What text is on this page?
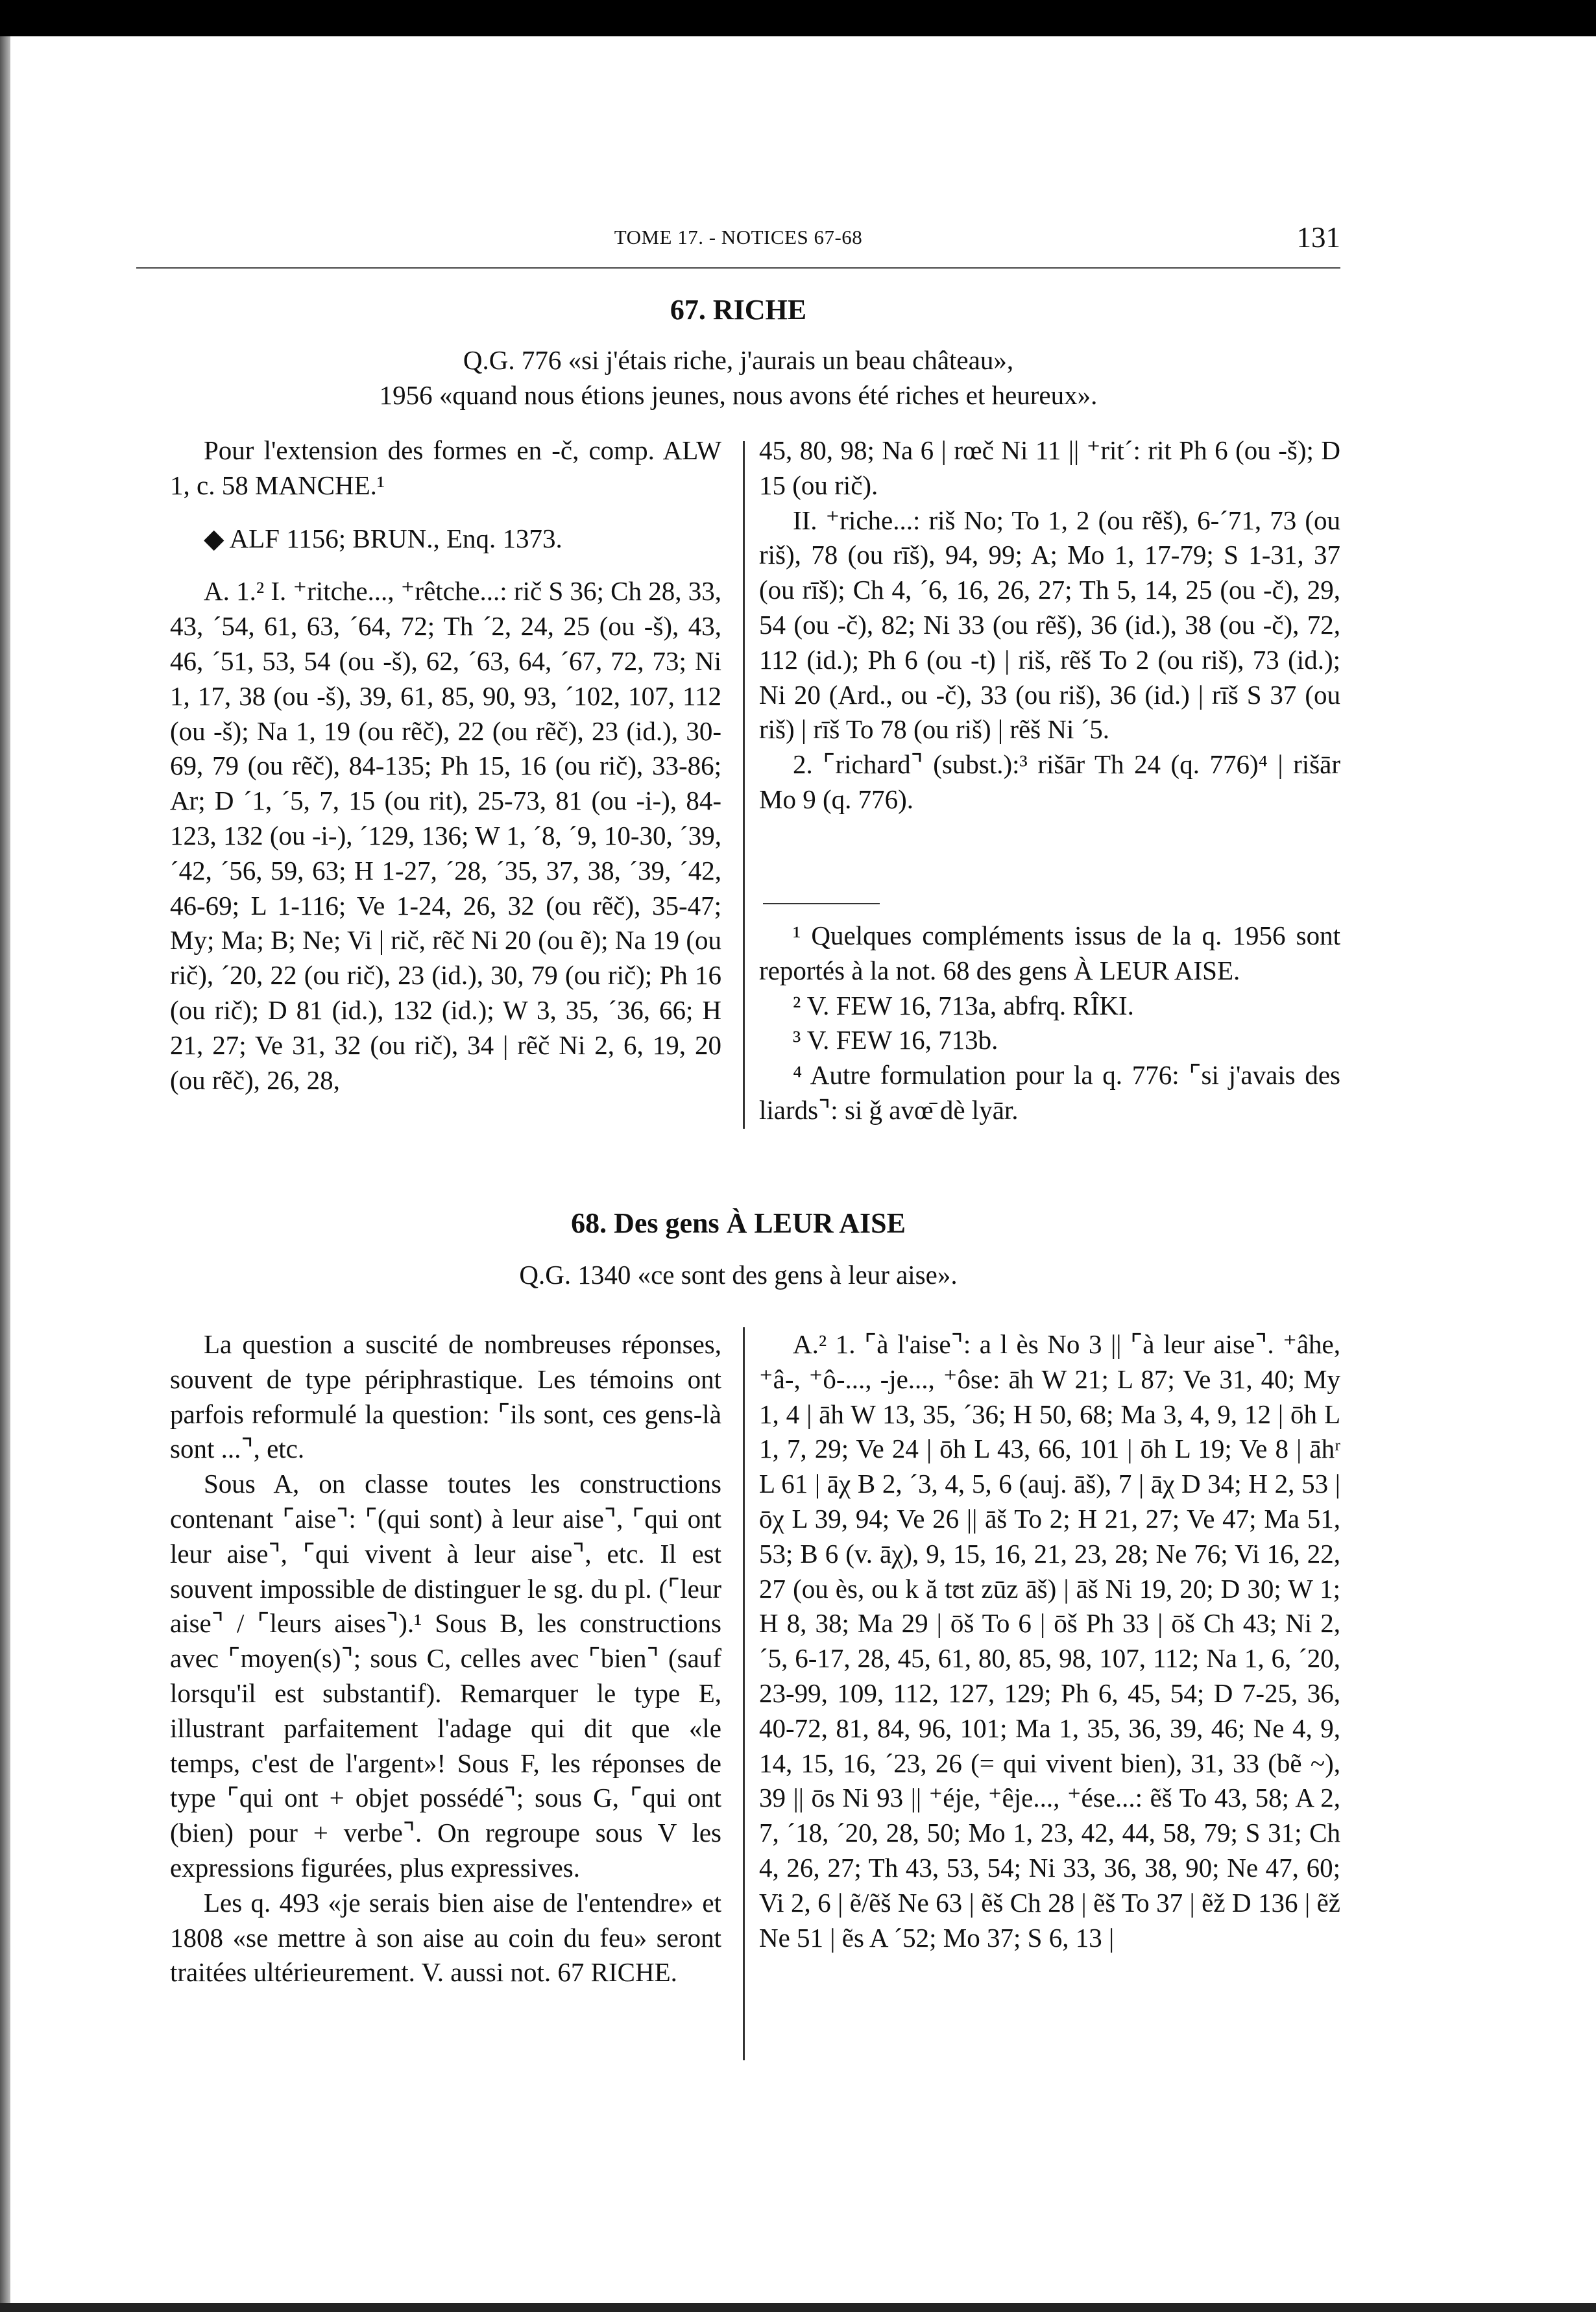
TOME 17. - NOTICES 67-68	131
67. RICHE
Q.G. 776 «si j'étais riche, j'aurais un beau château»,
1956 «quand nous étions jeunes, nous avons été riches et heureux».

Pour l'extension des formes en -č, comp. ALW 1, c. 58 MANCHE.¹

◆ ALF 1156; BRUN., Enq. 1373.

A. 1.² I. ⁺ritche..., ⁺rêtche...: rič S 36; Ch 28, 33, 43, ´54, 61, 63, ´64, 72; Th ´2, 24, 25 (ou -š), 43, 46, ´51, 53, 54 (ou -š), 62, ´63, 64, ´67, 72, 73; Ni 1, 17, 38 (ou -š), 39, 61, 85, 90, 93, ´102, 107, 112 (ou -š); Na 1, 19 (ou rẽč), 22 (ou rẽč), 23 (id.), 30-69, 79 (ou rẽč), 84-135; Ph 15, 16 (ou rič), 33-86; Ar; D ´1, ´5, 7, 15 (ou rit), 25-73, 81 (ou -i-), 84-123, 132 (ou -i-), ´129, 136; W 1, ´8, ´9, 10-30, ´39, ´42, ´56, 59, 63; H 1-27, ´28, ´35, 37, 38, ´39, ´42, 46-69; L 1-116; Ve 1-24, 26, 32 (ou rẽč), 35-47; My; Ma; B; Ne; Vi | rič, rẽč Ni 20 (ou ẽ); Na 19 (ou rič), ´20, 22 (ou rič), 23 (id.), 30, 79 (ou rič); Ph 16 (ou rič); D 81 (id.), 132 (id.); W 3, 35, ´36, 66; H 21, 27; Ve 31, 32 (ou rič), 34 | rẽč Ni 2, 6, 19, 20 (ou rẽč), 26, 28,

45, 80, 98; Na 6 | rœč Ni 11 || ⁺rit´: rit Ph 6 (ou -š); D 15 (ou rič).

II. ⁺riche...: riš No; To 1, 2 (ou rẽš), 6-´71, 73 (ou riš), 78 (ou rīš), 94, 99; A; Mo 1, 17-79; S 1-31, 37 (ou rīš); Ch 4, ´6, 16, 26, 27; Th 5, 14, 25 (ou -č), 29, 54 (ou -č), 82; Ni 33 (ou rẽš), 36 (id.), 38 (ou -č), 72, 112 (id.); Ph 6 (ou -t) | riš, rẽš To 2 (ou riš), 73 (id.); Ni 20 (Ard., ou -č), 33 (ou riš), 36 (id.) | rīš S 37 (ou riš) | rīš To 78 (ou riš) | rẽš Ni ´5.

2. ⌜richard⌝ (subst.):³ rišār Th 24 (q. 776)⁴ | rišār Mo 9 (q. 776).

¹ Quelques compléments issus de la q. 1956 sont reportés à la not. 68 des gens À LEUR AISE.

² V. FEW 16, 713a, abfrq. RÎKI.

³ V. FEW 16, 713b.

⁴ Autre formulation pour la q. 776: ⌜si j'avais des liards⌝: si ǧ avœ̄ dè lyār.

68. Des gens À LEUR AISE
Q.G. 1340 «ce sont des gens à leur aise».

La question a suscité de nombreuses réponses, souvent de type périphrastique. Les témoins ont parfois reformulé la question: ⌜ils sont, ces gens-là sont ...⌝, etc.

Sous A, on classe toutes les constructions contenant ⌜aise⌝: ⌜(qui sont) à leur aise⌝, ⌜qui ont leur aise⌝, ⌜qui vivent à leur aise⌝, etc. Il est souvent impossible de distinguer le sg. du pl. (⌜leur aise⌝ / ⌜leurs aises⌝).¹ Sous B, les constructions avec ⌜moyen(s)⌝; sous C, celles avec ⌜bien⌝ (sauf lorsqu'il est substantif). Remarquer le type E, illustrant parfaitement l'adage qui dit que «le temps, c'est de l'argent»! Sous F, les réponses de type ⌜qui ont + objet possédé⌝; sous G, ⌜qui ont (bien) pour + verbe⌝. On regroupe sous V les expressions figurées, plus expressives.

Les q. 493 «je serais bien aise de l'entendre» et 1808 «se mettre à son aise au coin du feu» seront traitées ultérieurement. V. aussi not. 67 RICHE.

A.² 1. ⌜à l'aise⌝: a l ès No 3 || ⌜à leur aise⌝. ⁺âhe, ⁺â-, ⁺ô-..., -je..., ⁺ôse: āh W 21; L 87; Ve 31, 40; My 1, 4 | āh W 13, 35, ´36; H 50, 68; Ma 3, 4, 9, 12 | ōh L 1, 7, 29; Ve 24 | ōh L 43, 66, 101 | ōh L 19; Ve 8 | āhʳ L 61 | āχ B 2, ´3, 4, 5, 6 (auj. āš), 7 | āχ D 34; H 2, 53 | ōχ L 39, 94; Ve 26 || āš To 2; H 21, 27; Ve 47; Ma 51, 53; B 6 (v. āχ), 9, 15, 16, 21, 23, 28; Ne 76; Vi 16, 22, 27 (ou ès, ou k ă tʊt zūz āš) | āš Ni 19, 20; D 30; W 1; H 8, 38; Ma 29 | ōš To 6 | ōš Ph 33 | ōš Ch 43; Ni 2, ´5, 6-17, 28, 45, 61, 80, 85, 98, 107, 112; Na 1, 6, ´20, 23-99, 109, 112, 127, 129; Ph 6, 45, 54; D 7-25, 36, 40-72, 81, 84, 96, 101; Ma 1, 35, 36, 39, 46; Ne 4, 9, 14, 15, 16, ´23, 26 (= qui vivent bien), 31, 33 (bẽ ~), 39 || ōs Ni 93 || ⁺éje, ⁺êje..., ⁺ése...: ẽš To 43, 58; A 2, 7, ´18, ´20, 28, 50; Mo 1, 23, 42, 44, 58, 79; S 31; Ch 4, 26, 27; Th 43, 53, 54; Ni 33, 36, 38, 90; Ne 47, 60; Vi 2, 6 | ẽ/ẽš Ne 63 | ẽš Ch 28 | ẽš To 37 | ẽž D 136 | ẽž Ne 51 | ẽs A ´52; Mo 37; S 6, 13 |
